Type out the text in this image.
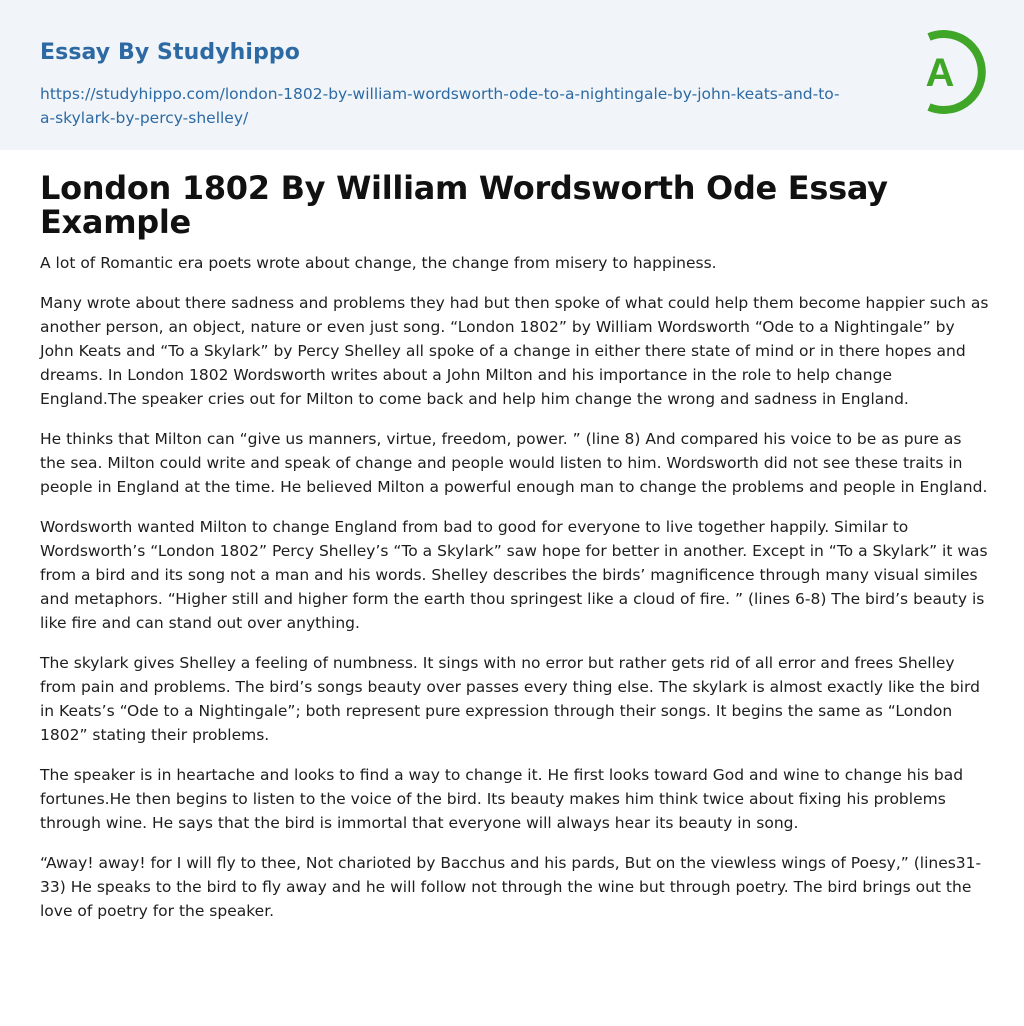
Essay By Studyhippo
https://studyhippo.com/london-1802-by-william-wordsworth-ode-to-a-nightingale-by-john-keats-and-to-a-skylark-by-percy-shelley/
A
London 1802 By William Wordsworth Ode Essay Example

A lot of Romantic era poets wrote about change, the change from misery to happiness.

Many wrote about there sadness and problems they had but then spoke of what could help them become happier such as another person, an object, nature or even just song. “London 1802” by William Wordsworth “Ode to a Nightingale” by John Keats and “To a Skylark” by Percy Shelley all spoke of a change in either there state of mind or in there hopes and dreams. In London 1802 Wordsworth writes about a John Milton and his importance in the role to help change England.The speaker cries out for Milton to come back and help him change the wrong and sadness in England.

He thinks that Milton can “give us manners, virtue, freedom, power. ” (line 8) And compared his voice to be as pure as the sea. Milton could write and speak of change and people would listen to him. Wordsworth did not see these traits in people in England at the time. He believed Milton a powerful enough man to change the problems and people in England.

Wordsworth wanted Milton to change England from bad to good for everyone to live together happily. Similar to Wordsworth’s “London 1802” Percy Shelley’s “To a Skylark” saw hope for better in another. Except in “To a Skylark” it was from a bird and its song not a man and his words. Shelley describes the birds’ magnificence through many visual similes and metaphors. “Higher still and higher form the earth thou springest like a cloud of fire. ” (lines 6-8) The bird’s beauty is like fire and can stand out over anything.

The skylark gives Shelley a feeling of numbness. It sings with no error but rather gets rid of all error and frees Shelley from pain and problems. The bird’s songs beauty over passes every thing else. The skylark is almost exactly like the bird in Keats’s “Ode to a Nightingale”; both represent pure expression through their songs. It begins the same as “London 1802” stating their problems.

The speaker is in heartache and looks to find a way to change it. He first looks toward God and wine to change his bad fortunes.He then begins to listen to the voice of the bird. Its beauty makes him think twice about fixing his problems through wine. He says that the bird is immortal that everyone will always hear its beauty in song.

“Away! away! for I will fly to thee, Not charioted by Bacchus and his pards, But on the viewless wings of Poesy,” (lines31-33) He speaks to the bird to fly away and he will follow not through the wine but through poetry. The bird brings out the love of poetry for the speaker.
